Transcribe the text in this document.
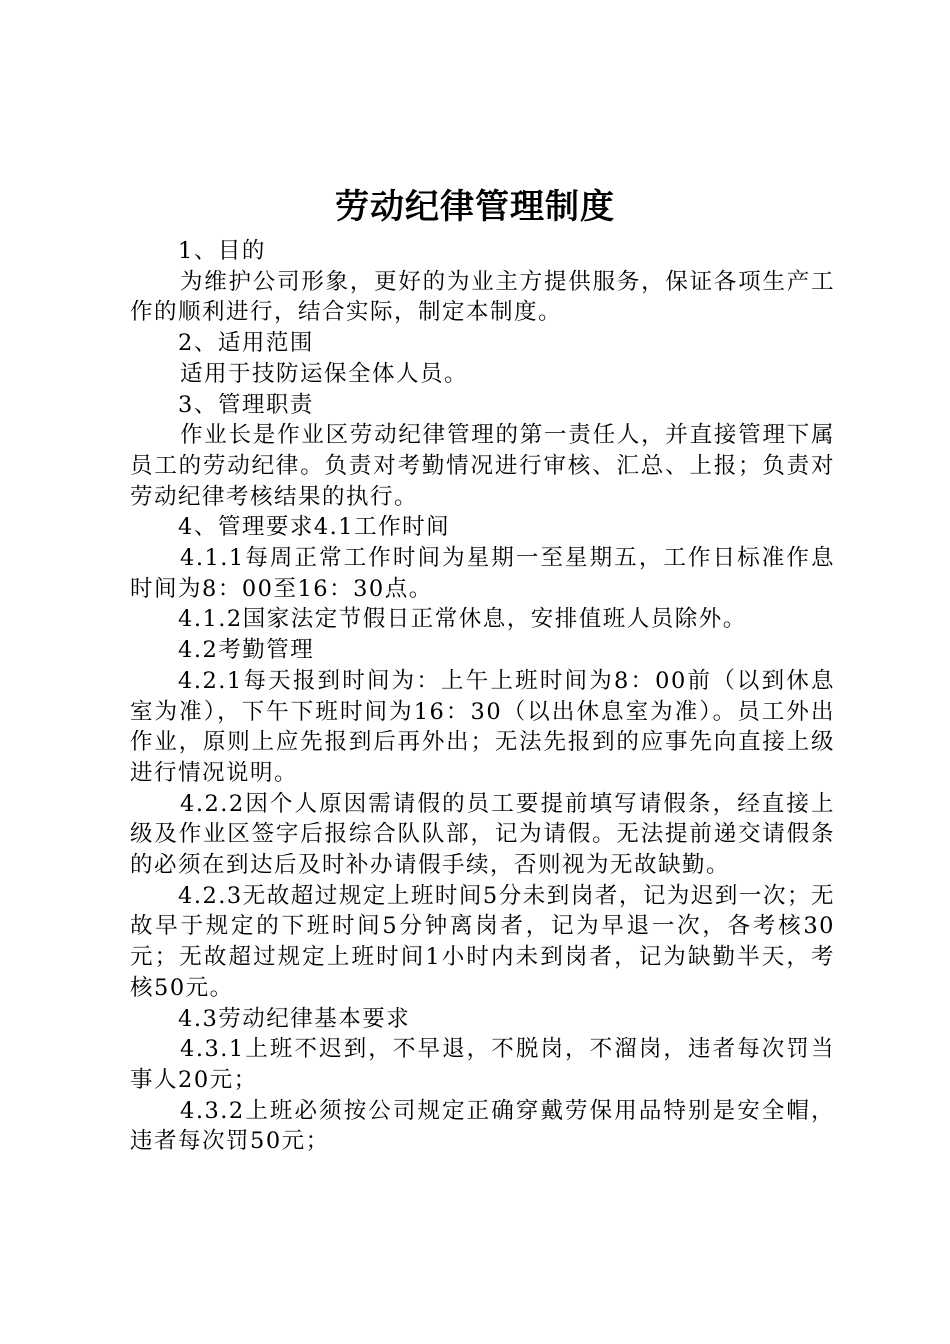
劳动纪律管理制度

1、目的

为维护公司形象，更好的为业主方提供服务，保证各项生产工作的顺利进行，结合实际，制定本制度。

2、适用范围

适用于技防运保全体人员。

3、管理职责

作业长是作业区劳动纪律管理的第一责任人，并直接管理下属员工的劳动纪律。负责对考勤情况进行审核、汇总、上报；负责对劳动纪律考核结果的执行。

4、管理要求4.1工作时间

4.1.1每周正常工作时间为星期一至星期五，工作日标准作息时间为8：00至16：30点。

4.1.2国家法定节假日正常休息，安排值班人员除外。

4.2考勤管理

4.2.1每天报到时间为：上午上班时间为8：00前（以到休息室为准），下午下班时间为16：30（以出休息室为准）。员工外出作业，原则上应先报到后再外出；无法先报到的应事先向直接上级进行情况说明。

4.2.2因个人原因需请假的员工要提前填写请假条，经直接上级及作业区签字后报综合队队部，记为请假。无法提前递交请假条的必须在到达后及时补办请假手续，否则视为无故缺勤。

4.2.3无故超过规定上班时间5分未到岗者，记为迟到一次；无故早于规定的下班时间5分钟离岗者，记为早退一次，各考核30元；无故超过规定上班时间1小时内未到岗者，记为缺勤半天，考核50元。

4.3劳动纪律基本要求

4.3.1上班不迟到，不早退，不脱岗，不溜岗，违者每次罚当事人20元；

4.3.2上班必须按公司规定正确穿戴劳保用品特别是安全帽，违者每次罚50元；
